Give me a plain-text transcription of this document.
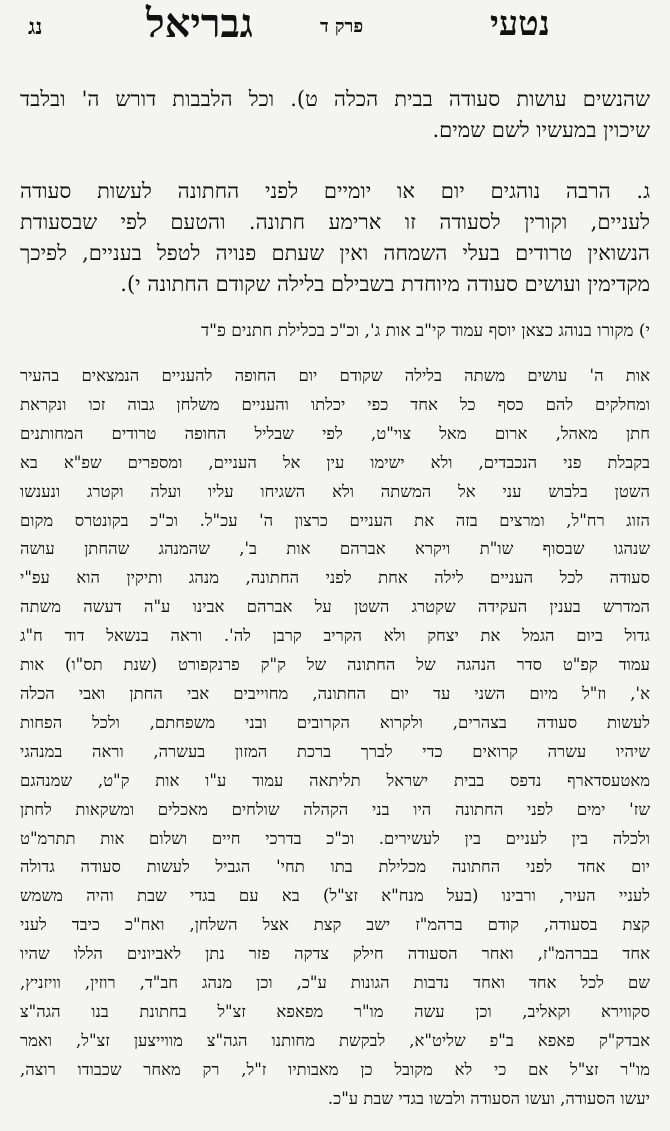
נג	גבריאל	פרק ד	נטעי
שהנשים עושות סעודה בבית הכלה ט). וכל הלבבות דורש ה' ובלבד
שיכוין במעשיו לשם שמים.
ג. הרבה נוהגים יום או יומיים לפני החתונה לעשות סעודה
לעניים, וקורין לסעודה זו ארימע חתונה. והטעם לפי שבסעודת
הנשואין טרודים בעלי השמחה ואין שעתם פנויה לטפל בעניים, לפיכך
מקדימין ועושים סעודה מיוחדת בשבילם בלילה שקודם החתונה י).
י) מקורו בנוהג כצאן יוסף עמוד קי"ב אות ג', וכ"כ בכלילת חתנים פ"ד
אות ה' עושים משתה בלילה שקודם יום החופה להעניים הנמצאים בהעיר
ומחלקים להם כסף כל אחד כפי יכלתו והעניים משלחן גבוה זכו ונקראת
חתן מאהל, ארום מאל צוי"ט, לפי שבליל החופה טרודים המחותנים
בקבלת פני הנכבדים, ולא ישימו עין אל העניים, ומספרים שפ"א בא
השטן בלבוש עני אל המשתה ולא השגיחו עליו ועלה וקטרג ונענשו
הזוג רח"ל, ומרצים בזה את העניים כרצון ה' עכ"ל. וכ"כ בקונטרס מקום
שנהגו שבסוף שו"ת ויקרא אברהם אות ב', שהמנהג שהחתן עושה
סעודה לכל העניים לילה אחת לפני החתונה, מנהג ותיקין הוא עפ"י
המדרש בענין העקידה שקטרג השטן על אברהם אבינו ע"ה דעשה משתה
גדול ביום הגמל את יצחק ולא הקריב קרבן לה'. וראה בנשאל דוד ח"ג
עמוד קפ"ט סדר הנהגה של החתונה של ק"ק פרנקפורט (שנת תס"ו) אות
א', וז"ל מיום השני עד יום החתונה, מחוייבים אבי החתן ואבי הכלה
לעשות סעודה בצהרים, ולקרוא הקרובים ובני משפחתם, ולכל הפחות
שיהיו עשרה קרואים כדי לברך ברכת המזון בעשרה, וראה במנהגי
מאטעסדארף נדפס בבית ישראל תליתאה עמוד ע"ו אות ק"ט, שמנהגם
שז' ימים לפני החתונה היו בני הקהלה שולחים מאכלים ומשקאות לחתן
ולכלה בין לעניים בין לעשירים. וכ"כ בדרכי חיים ושלום אות תתרמ"ט
יום אחד לפני החתונה מכלילת בתו תחי' הגביל לעשות סעודה גדולה
לעניי העיר, ורבינו (בעל מנח"א זצ"ל) בא עם בגדי שבת והיה משמש
קצת בסעודה, קודם ברהמ"ז ישב קצת אצל השלחן, ואח"כ כיבד לעני
אחד בברהמ"ז, ואחר הסעודה חילק צדקה פזר נתן לאביונים הללו שהיו
שם לכל אחד ואחד נדבות הגונות ע"כ, וכן מנהג חב"ד, רוזין, וויזניץ,
סקווירא וקאליב, וכן עשה מו"ר מפאפא זצ"ל בחתונת בנו הגה"צ
אבדק"ק פאפא ב"פ שליט"א, לבקשת מחותנו הגה"צ מווייצען זצ"ל, ואמר
מו"ר זצ"ל אם כי לא מקובל כן מאבותיו ז"ל, רק מאחר שכבודו רוצה,
יעשו הסעודה, ועשו הסעודה ולבשו בגדי שבת ע"כ.
